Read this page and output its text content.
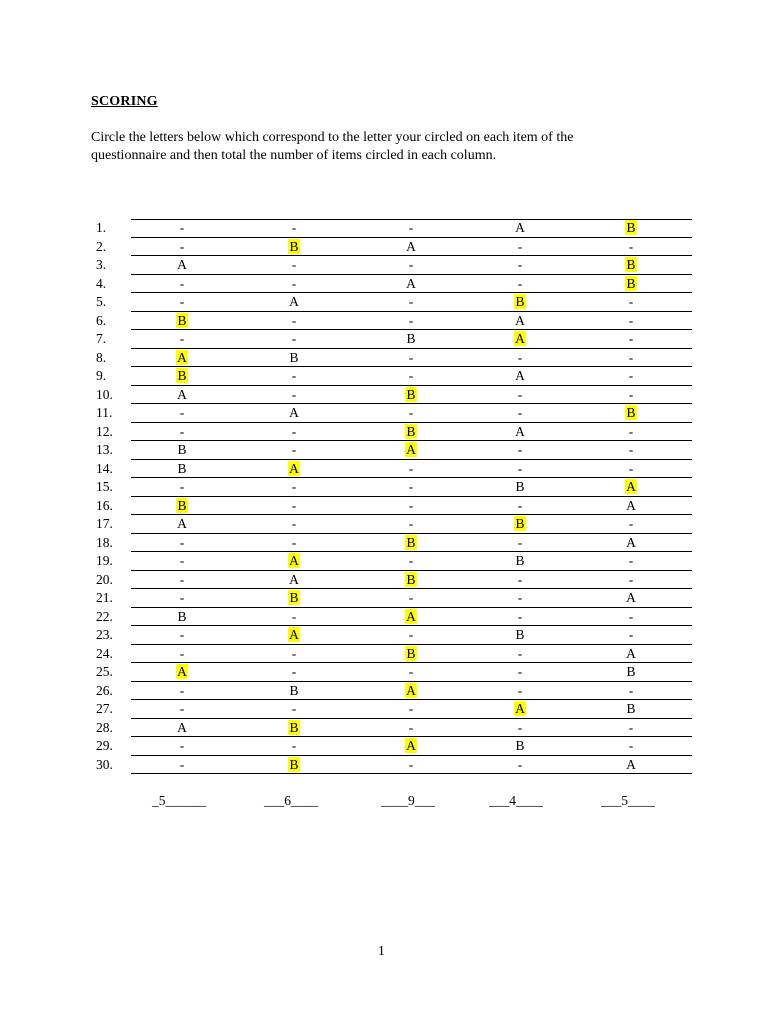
SCORING
Circle the letters below which correspond to the letter your circled on each item of the questionnaire and then total the number of items circled in each column.
1.	-	-	-	A	B
2.	-	B	A	-	-
3.	A	-	-	-	B
4.	-	-	A	-	B
5.	-	A	-	B	-
6.	B	-	-	A	-
7.	-	-	B	A	-
8.	A	B	-	-	-
9.	B	-	-	A	-
10.	A	-	B	-	-
11.	-	A	-	-	B
12.	-	-	B	A	-
13.	B	-	A	-	-
14.	B	A	-	-	-
15.	-	-	-	B	A
16.	B	-	-	-	A
17.	A	-	-	B	-
18.	-	-	B	-	A
19.	-	A	-	B	-
20.	-	A	B	-	-
21.	-	B	-	-	A
22.	B	-	A	-	-
23.	-	A	-	B	-
24.	-	-	B	-	A
25.	A	-	-	-	B
26.	-	B	A	-	-
27.	-	-	-	A	B
28.	A	B	-	-	-
29.	-	-	A	B	-
30.	-	B	-	-	A
_5______	___6____	____9___	___4____	___5____
1
